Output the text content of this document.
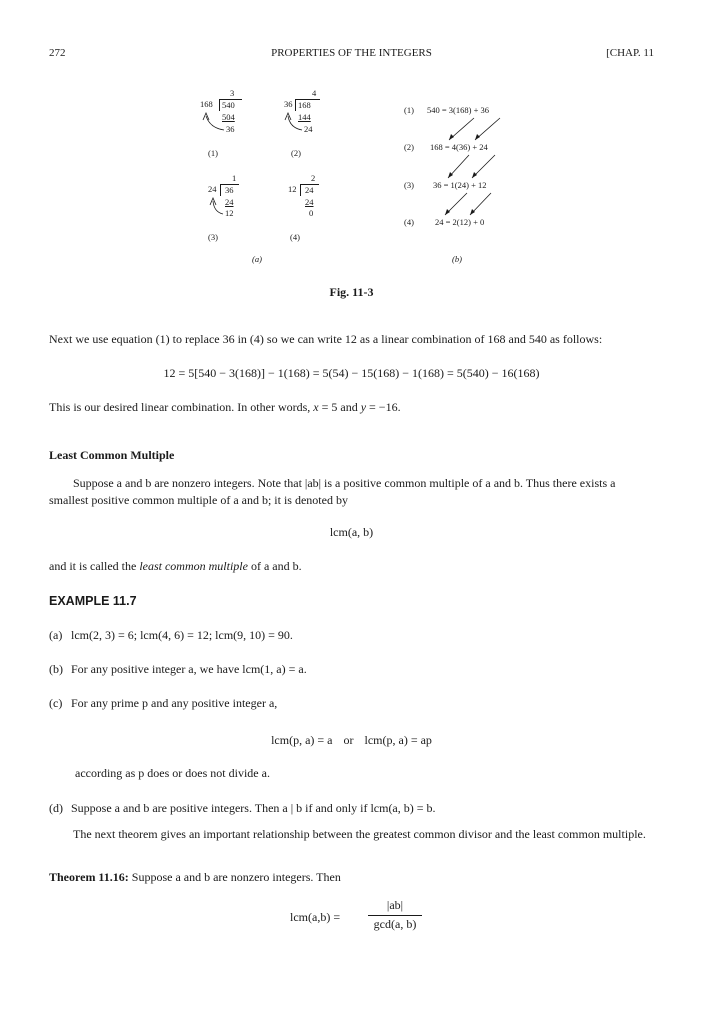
272	PROPERTIES OF THE INTEGERS	[CHAP. 11
3
168 540
504
36
(1)
4
36 168
144
24
(2)
1
24 36
24
12
(3)
2
12 24
24
0
(4)
(a)
(1) 540 = 3(168) + 36
(2) 168 = 4(36) + 24
(3) 36 = 1(24) + 12
(4) 24 = 2(12) + 0
(b)
Fig. 11-3
Next we use equation (1) to replace 36 in (4) so we can write 12 as a linear combination of 168 and 540 as follows:
12 = 5[540 − 3(168)] − 1(168) = 5(54) − 15(168) − 1(168) = 5(540) − 16(168)
This is our desired linear combination. In other words, x = 5 and y = −16.
Least Common Multiple
Suppose a and b are nonzero integers. Note that |ab| is a positive common multiple of a and b. Thus there exists a smallest positive common multiple of a and b; it is denoted by
lcm(a, b)
and it is called the least common multiple of a and b.
EXAMPLE 11.7
(a) lcm(2, 3) = 6; lcm(4, 6) = 12; lcm(9, 10) = 90.
(b) For any positive integer a, we have lcm(1, a) = a.
(c) For any prime p and any positive integer a,
lcm(p, a) = a or lcm(p, a) = ap
according as p does or does not divide a.
(d) Suppose a and b are positive integers. Then a | b if and only if lcm(a, b) = b.
The next theorem gives an important relationship between the greatest common divisor and the least common multiple.
Theorem 11.16: Suppose a and b are nonzero integers. Then
lcm(a,b) =
|ab|
gcd(a, b)
